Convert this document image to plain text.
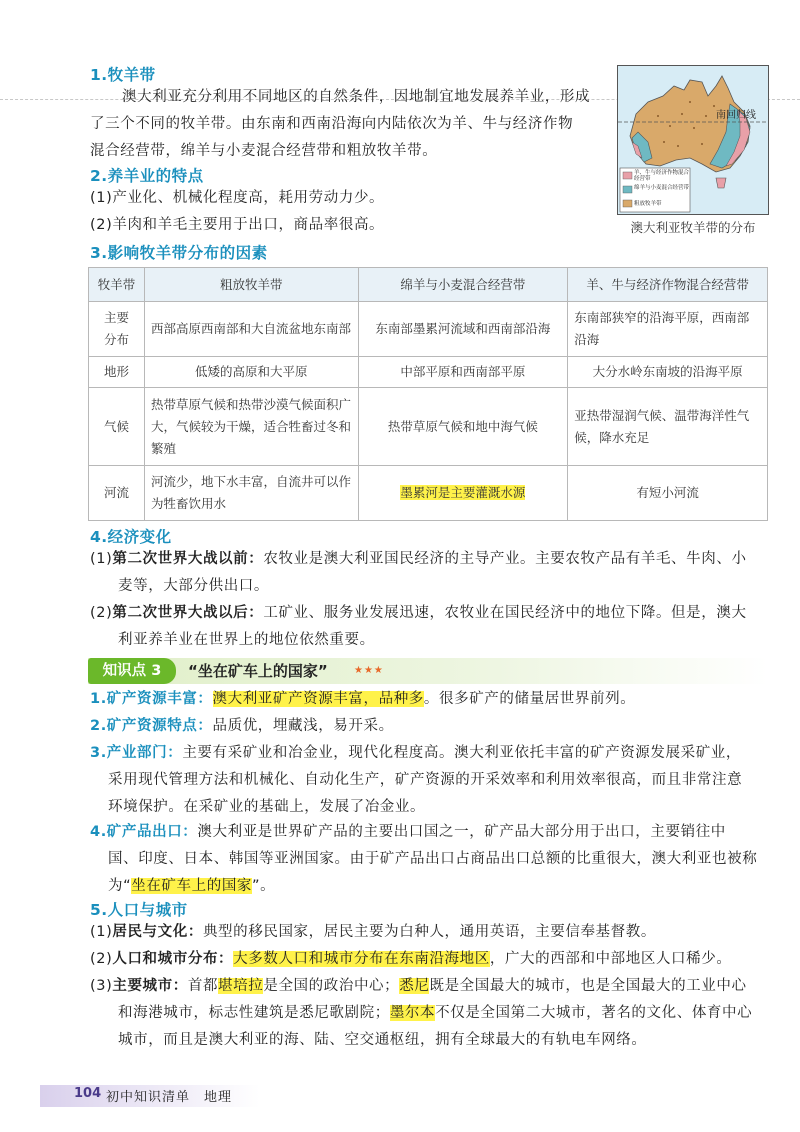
1.牧羊带
澳大利亚充分利用不同地区的自然条件，因地制宜地发展养羊业，形成
了三个不同的牧羊带。由东南和西南沿海向内陆依次为羊、牛与经济作物
混合经营带，绵羊与小麦混合经营带和粗放牧羊带。
南回归线
羊、牛与经济作物混合经营带
绵羊与小麦混合经营带
粗放牧羊带
澳大利亚牧羊带的分布
2.养羊业的特点
(1)产业化、机械化程度高，耗用劳动力少。
(2)羊肉和羊毛主要用于出口，商品率很高。
3.影响牧羊带分布的因素
牧羊带	粗放牧羊带	绵羊与小麦混合经营带	羊、牛与经济作物混合经营带

主要
分布	西部高原西南部和大自流盆地东南部	东南部墨累河流域和西南部沿海	东南部狭窄的沿海平原，西南部沿海
地形	低矮的高原和大平原	中部平原和西南部平原	大分水岭东南坡的沿海平原
气候	热带草原气候和热带沙漠气候面积广大，气候较为干燥，适合牲畜过冬和繁殖	热带草原气候和地中海气候	亚热带湿润气候、温带海洋性气候，降水充足
河流	河流少，地下水丰富，自流井可以作为牲畜饮用水	墨累河是主要灌溉水源	有短小河流
4.经济变化
(1)第二次世界大战以前：农牧业是澳大利亚国民经济的主导产业。主要农牧产品有羊毛、牛肉、小
麦等，大部分供出口。
(2)第二次世界大战以后：工矿业、服务业发展迅速，农牧业在国民经济中的地位下降。但是，澳大
利亚养羊业在世界上的地位依然重要。
知识点 3	“坐在矿车上的国家”	★★★
1.矿产资源丰富：澳大利亚矿产资源丰富，品种多。很多矿产的储量居世界前列。
2.矿产资源特点：品质优，埋藏浅，易开采。
3.产业部门：主要有采矿业和冶金业，现代化程度高。澳大利亚依托丰富的矿产资源发展采矿业，
采用现代管理方法和机械化、自动化生产，矿产资源的开采效率和利用效率很高，而且非常注意
环境保护。在采矿业的基础上，发展了冶金业。
4.矿产品出口：澳大利亚是世界矿产品的主要出口国之一，矿产品大部分用于出口，主要销往中
国、印度、日本、韩国等亚洲国家。由于矿产品出口占商品出口总额的比重很大，澳大利亚也被称
为“坐在矿车上的国家”。
5.人口与城市
(1)居民与文化：典型的移民国家，居民主要为白种人，通用英语，主要信奉基督教。
(2)人口和城市分布：大多数人口和城市分布在东南沿海地区，广大的西部和中部地区人口稀少。
(3)主要城市：首都堪培拉是全国的政治中心；悉尼既是全国最大的城市，也是全国最大的工业中心
和海港城市，标志性建筑是悉尼歌剧院；墨尔本不仅是全国第二大城市，著名的文化、体育中心
城市，而且是澳大利亚的海、陆、空交通枢纽，拥有全球最大的有轨电车网络。
104 初中知识清单　地理
